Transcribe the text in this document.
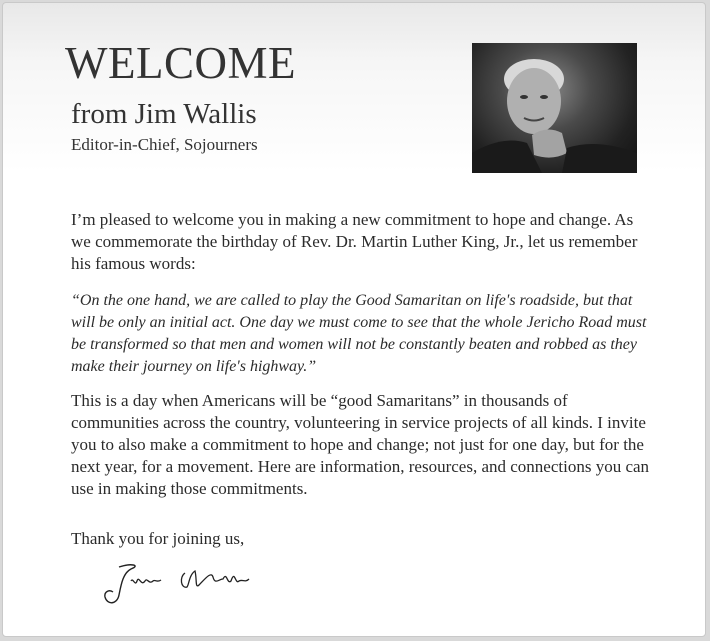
WELCOME
from Jim Wallis
Editor-in-Chief, Sojourners

I’m pleased to welcome you in making a new commitment to hope and change. As we commemorate the birthday of Rev. Dr. Martin Luther King, Jr., let us remember his famous words:

“On the one hand, we are called to play the Good Samaritan on life's roadside, but that will be only an initial act. One day we must come to see that the whole Jericho Road must be transformed so that men and women will not be constantly beaten and robbed as they make their journey on life's highway.”

This is a day when Americans will be “good Samaritans” in thousands of communities across the country, volunteering in service projects of all kinds. I invite you to also make a commitment to hope and change; not just for one day, but for the next year, for a movement. Here are information, resources, and connections you can use in making those commitments.

Thank you for joining us,
